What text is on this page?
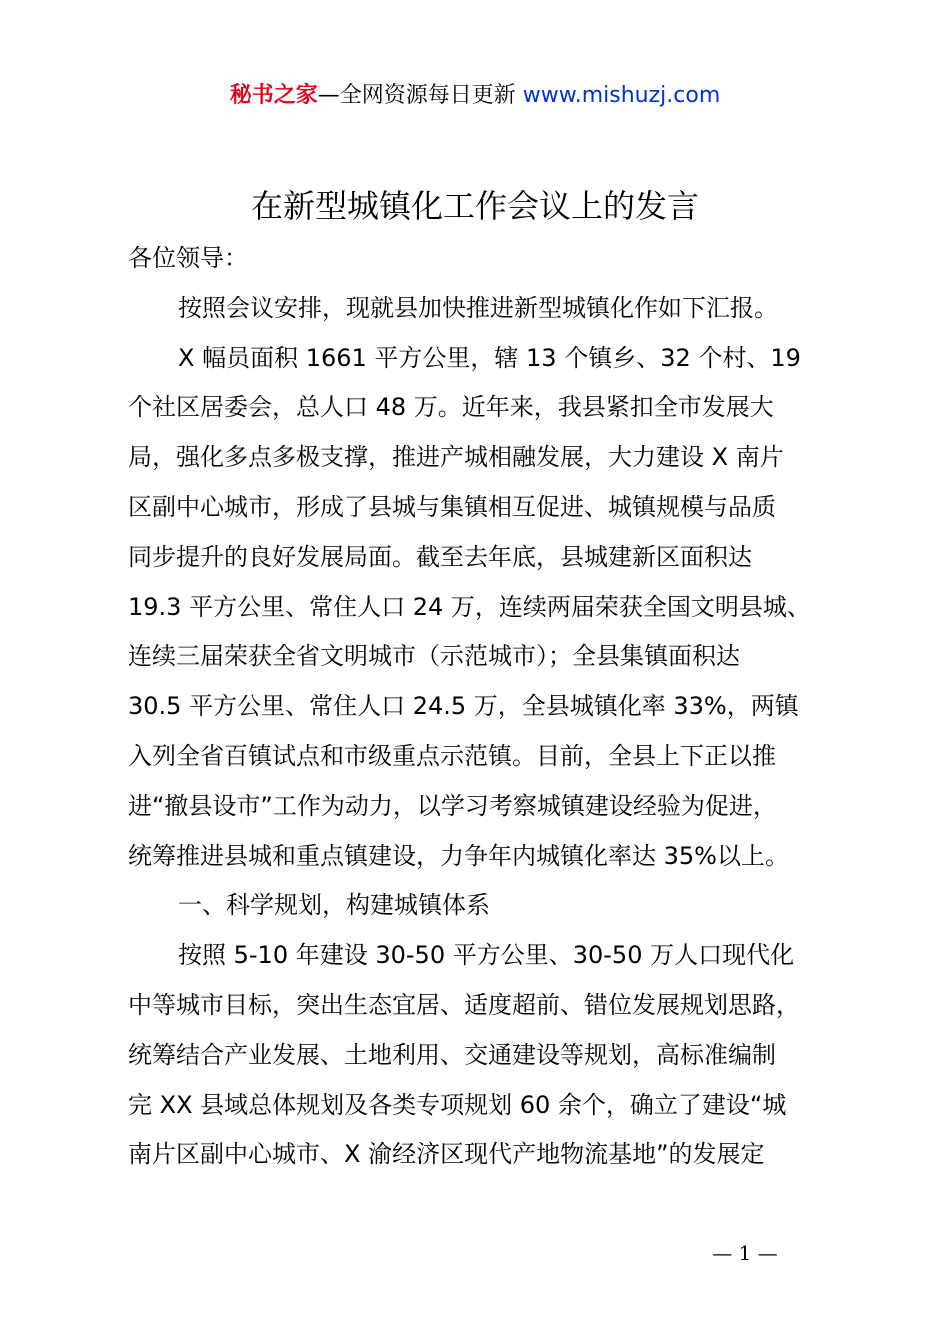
秘书之家—全网资源每日更新 www.mishuzj.com
在新型城镇化工作会议上的发言
各位领导：
按照会议安排，现就县加快推进新型城镇化作如下汇报。
X 幅员面积 1661 平方公里，辖 13 个镇乡、32 个村、19
个社区居委会，总人口 48 万。近年来，我县紧扣全市发展大
局，强化多点多极支撑，推进产城相融发展，大力建设 X 南片
区副中心城市，形成了县城与集镇相互促进、城镇规模与品质
同步提升的良好发展局面。截至去年底，县城建新区面积达
19.3 平方公里、常住人口 24 万，连续两届荣获全国文明县城、
连续三届荣获全省文明城市（示范城市）；全县集镇面积达
30.5 平方公里、常住人口 24.5 万，全县城镇化率 33%，两镇
入列全省百镇试点和市级重点示范镇。目前，全县上下正以推
进“撤县设市”工作为动力，以学习考察城镇建设经验为促进，
统筹推进县城和重点镇建设，力争年内城镇化率达 35%以上。
一、科学规划，构建城镇体系
按照 5-10 年建设 30-50 平方公里、30-50 万人口现代化
中等城市目标，突出生态宜居、适度超前、错位发展规划思路，
统筹结合产业发展、土地利用、交通建设等规划，高标准编制
完 XX 县域总体规划及各类专项规划 60 余个，确立了建设“城
南片区副中心城市、X 渝经济区现代产地物流基地”的发展定
— 1 —
